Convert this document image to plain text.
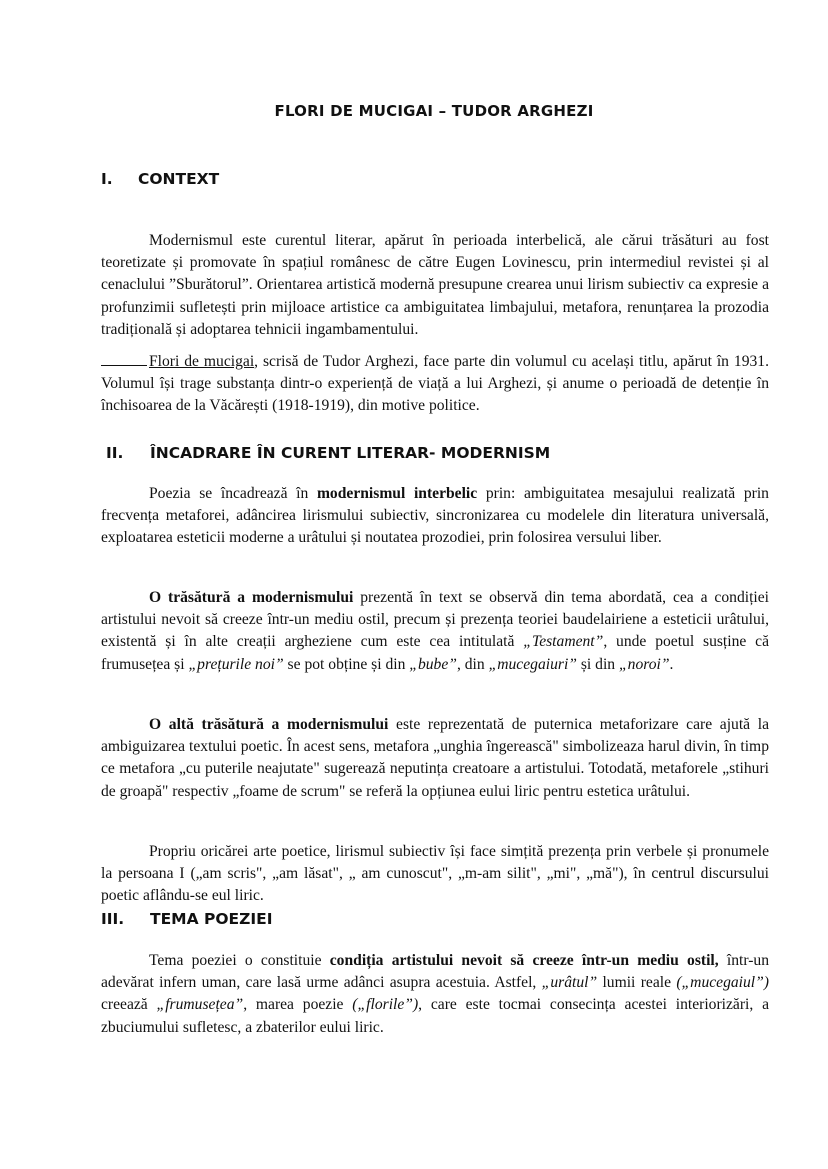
FLORI DE MUCIGAI – TUDOR ARGHEZI
I. CONTEXT

Modernismul este curentul literar, apărut în perioada interbelică, ale cărui trăsături au fost teoretizate și promovate în spațiul românesc de către Eugen Lovinescu, prin intermediul revistei și al cenaclului ”Sburătorul”. Orientarea artistică modernă presupune crearea unui lirism subiectiv ca expresie a profunzimii sufletești prin mijloace artistice ca ambiguitatea limbajului, metafora, renunțarea la prozodia tradițională și adoptarea tehnicii ingambamentului.

Flori de mucigai, scrisă de Tudor Arghezi, face parte din volumul cu același titlu, apărut în 1931. Volumul își trage substanța dintr-o experiență de viață a lui Arghezi, și anume o perioadă de detenție în închisoarea de la Văcărești (1918-1919), din motive politice.

II. ÎNCADRARE ÎN CURENT LITERAR- MODERNISM

Poezia se încadrează în modernismul interbelic prin: ambiguitatea mesajului realizată prin frecvența metaforei, adâncirea lirismului subiectiv, sincronizarea cu modelele din literatura universală, exploatarea esteticii moderne a urâtului și noutatea prozodiei, prin folosirea versului liber.

O trăsătură a modernismului prezentă în text se observă din tema abordată, cea a condiției artistului nevoit să creeze într-un mediu ostil, precum și prezența teoriei baudelairiene a esteticii urâtului, existentă și în alte creații argheziene cum este cea intitulată „Testament”, unde poetul susține că frumusețea și „prețurile noi” se pot obține și din „bube”, din „mucegaiuri” și din „noroi”.

O altă trăsătură a modernismului este reprezentată de puternica metaforizare care ajută la ambiguizarea textului poetic. În acest sens, metafora „unghia îngerească" simbolizeaza harul divin, în timp ce metafora „cu puterile neajutate" sugerează neputința creatoare a artistului. Totodată, metaforele „stihuri de groapă" respectiv „foame de scrum" se referă la opțiunea eului liric pentru estetica urâtului.

Propriu oricărei arte poetice, lirismul subiectiv își face simțită prezența prin verbele și pronumele la persoana I („am scris", „am lăsat", „ am cunoscut", „m-am silit", „mi", „mă"), în centrul discursului poetic aflându-se eul liric.

III. TEMA POEZIEI

Tema poeziei o constituie condiția artistului nevoit să creeze într-un mediu ostil, într-un adevărat infern uman, care lasă urme adânci asupra acestuia. Astfel, „urâtul” lumii reale („mucegaiul”) creează „frumusețea”, marea poezie („florile”), care este tocmai consecința acestei interiorizări, a zbuciumului sufletesc, a zbaterilor eului liric.
